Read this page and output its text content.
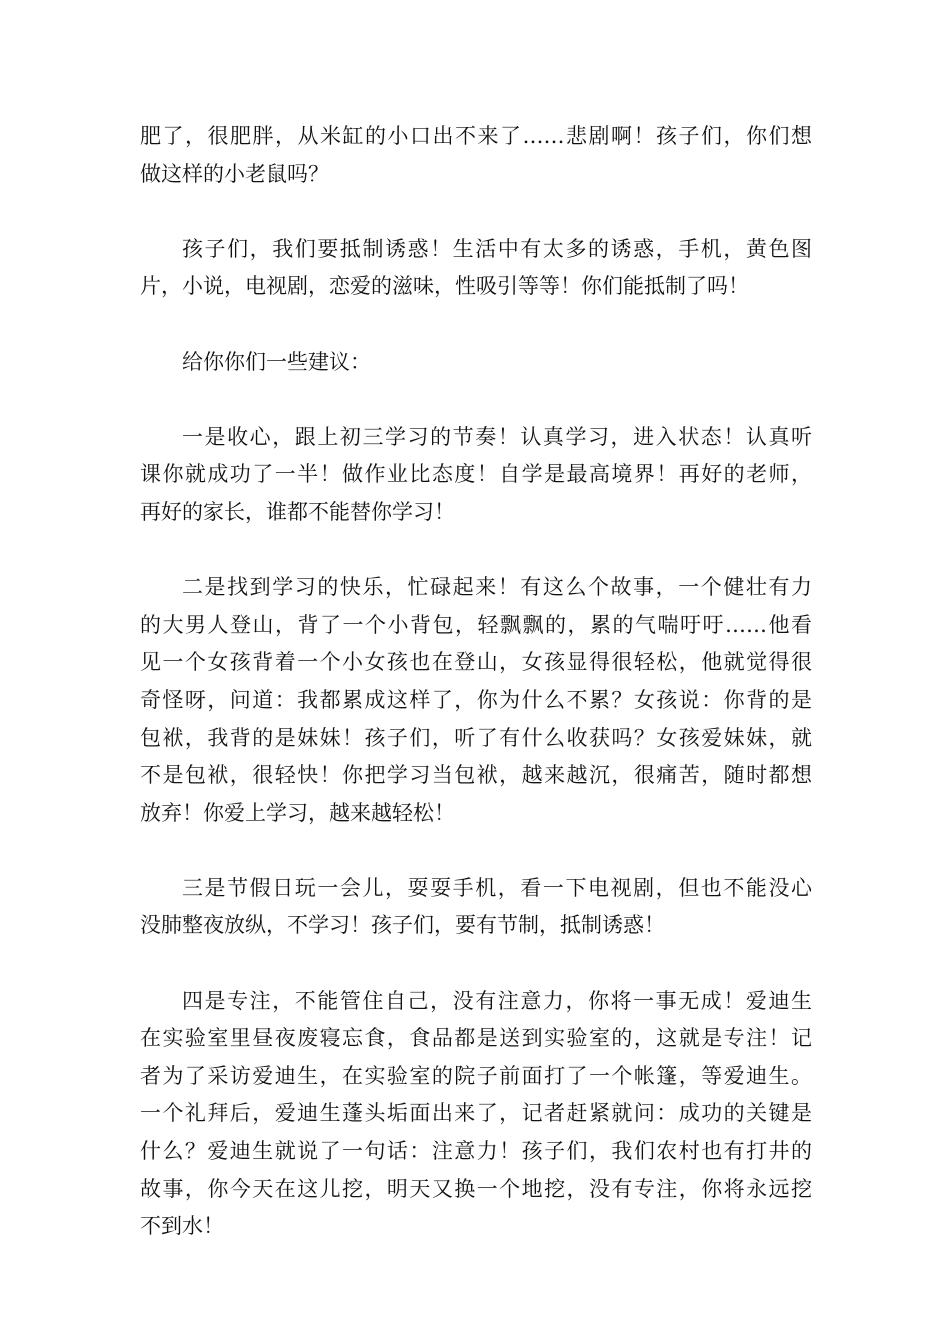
肥了，很肥胖，从米缸的小口出不来了……悲剧啊！孩子们，你们想
做这样的小老鼠吗？
孩子们，我们要抵制诱惑！生活中有太多的诱惑，手机，黄色图
片，小说，电视剧，恋爱的滋味，性吸引等等！你们能抵制了吗！
给你你们一些建议：
一是收心，跟上初三学习的节奏！认真学习，进入状态！认真听
课你就成功了一半！做作业比态度！自学是最高境界！再好的老师，
再好的家长，谁都不能替你学习！
二是找到学习的快乐，忙碌起来！有这么个故事，一个健壮有力
的大男人登山，背了一个小背包，轻飘飘的，累的气喘吁吁……他看
见一个女孩背着一个小女孩也在登山，女孩显得很轻松，他就觉得很
奇怪呀，问道：我都累成这样了，你为什么不累？女孩说：你背的是
包袱，我背的是妹妹！孩子们，听了有什么收获吗？女孩爱妹妹，就
不是包袱，很轻快！你把学习当包袱，越来越沉，很痛苦，随时都想
放弃！你爱上学习，越来越轻松！
三是节假日玩一会儿，耍耍手机，看一下电视剧，但也不能没心
没肺整夜放纵，不学习！孩子们，要有节制，抵制诱惑！
四是专注，不能管住自己，没有注意力，你将一事无成！爱迪生
在实验室里昼夜废寝忘食，食品都是送到实验室的，这就是专注！记
者为了采访爱迪生，在实验室的院子前面打了一个帐篷，等爱迪生。
一个礼拜后，爱迪生蓬头垢面出来了，记者赶紧就问：成功的关键是
什么？爱迪生就说了一句话：注意力！孩子们，我们农村也有打井的
故事，你今天在这儿挖，明天又换一个地挖，没有专注，你将永远挖
不到水！
